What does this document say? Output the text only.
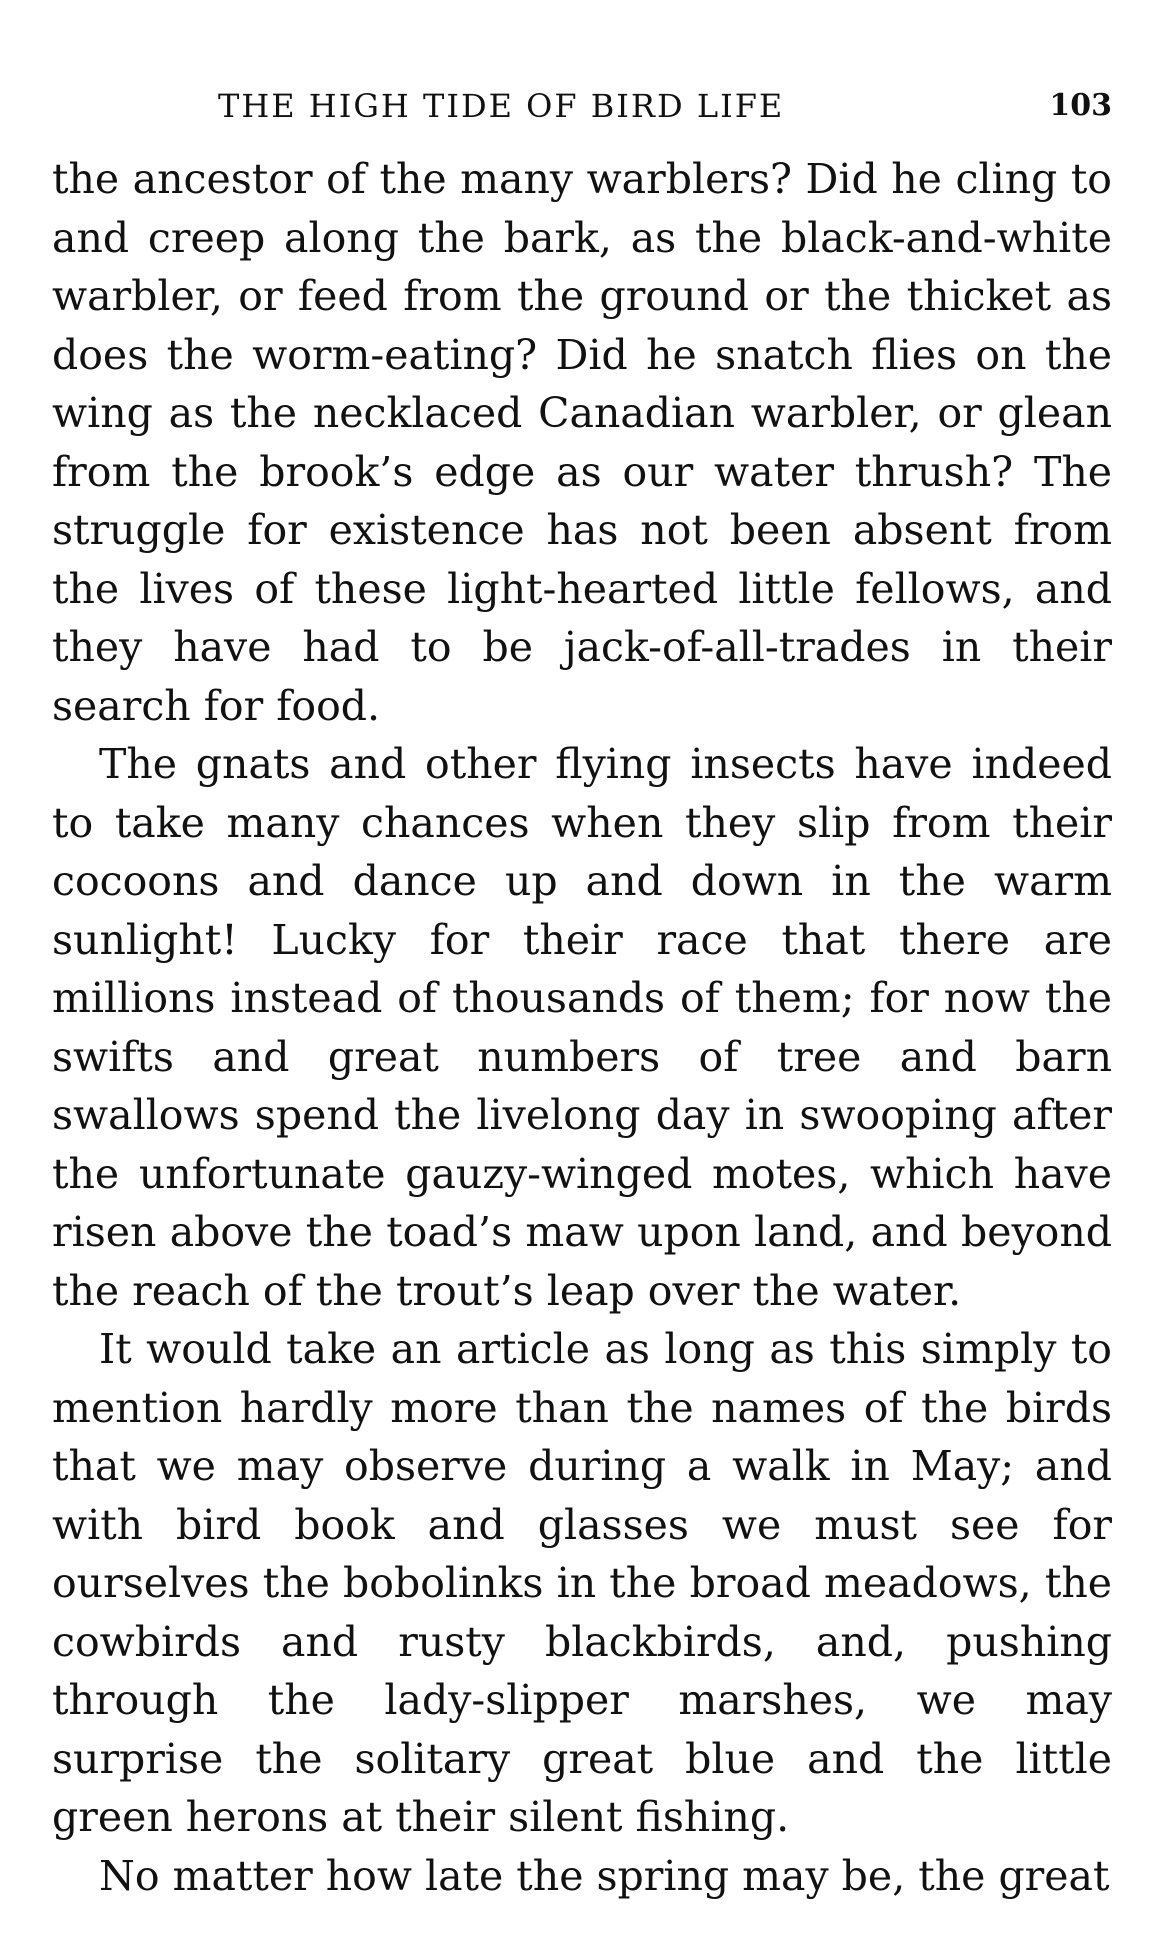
THE HIGH TIDE OF BIRD LIFE	103

the ancestor of the many warblers? Did he cling to and creep along the bark, as the black-and-white warbler, or feed from the ground or the thicket as does the worm-eating? Did he snatch flies on the wing as the necklaced Canadian warbler, or glean from the brook’s edge as our water thrush? The struggle for existence has not been absent from the lives of these light-hearted little fellows, and they have had to be jack-of-all-trades in their search for food.

The gnats and other flying insects have indeed to take many chances when they slip from their cocoons and dance up and down in the warm sunlight! Lucky for their race that there are millions instead of thousands of them; for now the swifts and great numbers of tree and barn swallows spend the livelong day in swooping after the unfortunate gauzy-winged motes, which have risen above the toad’s maw upon land, and beyond the reach of the trout’s leap over the water.

It would take an article as long as this simply to mention hardly more than the names of the birds that we may observe during a walk in May; and with bird book and glasses we must see for ourselves the bobolinks in the broad meadows, the cowbirds and rusty blackbirds, and, pushing through the lady-slipper marshes, we may surprise the solitary great blue and the little green herons at their silent fishing.

No matter how late the spring may be, the great
